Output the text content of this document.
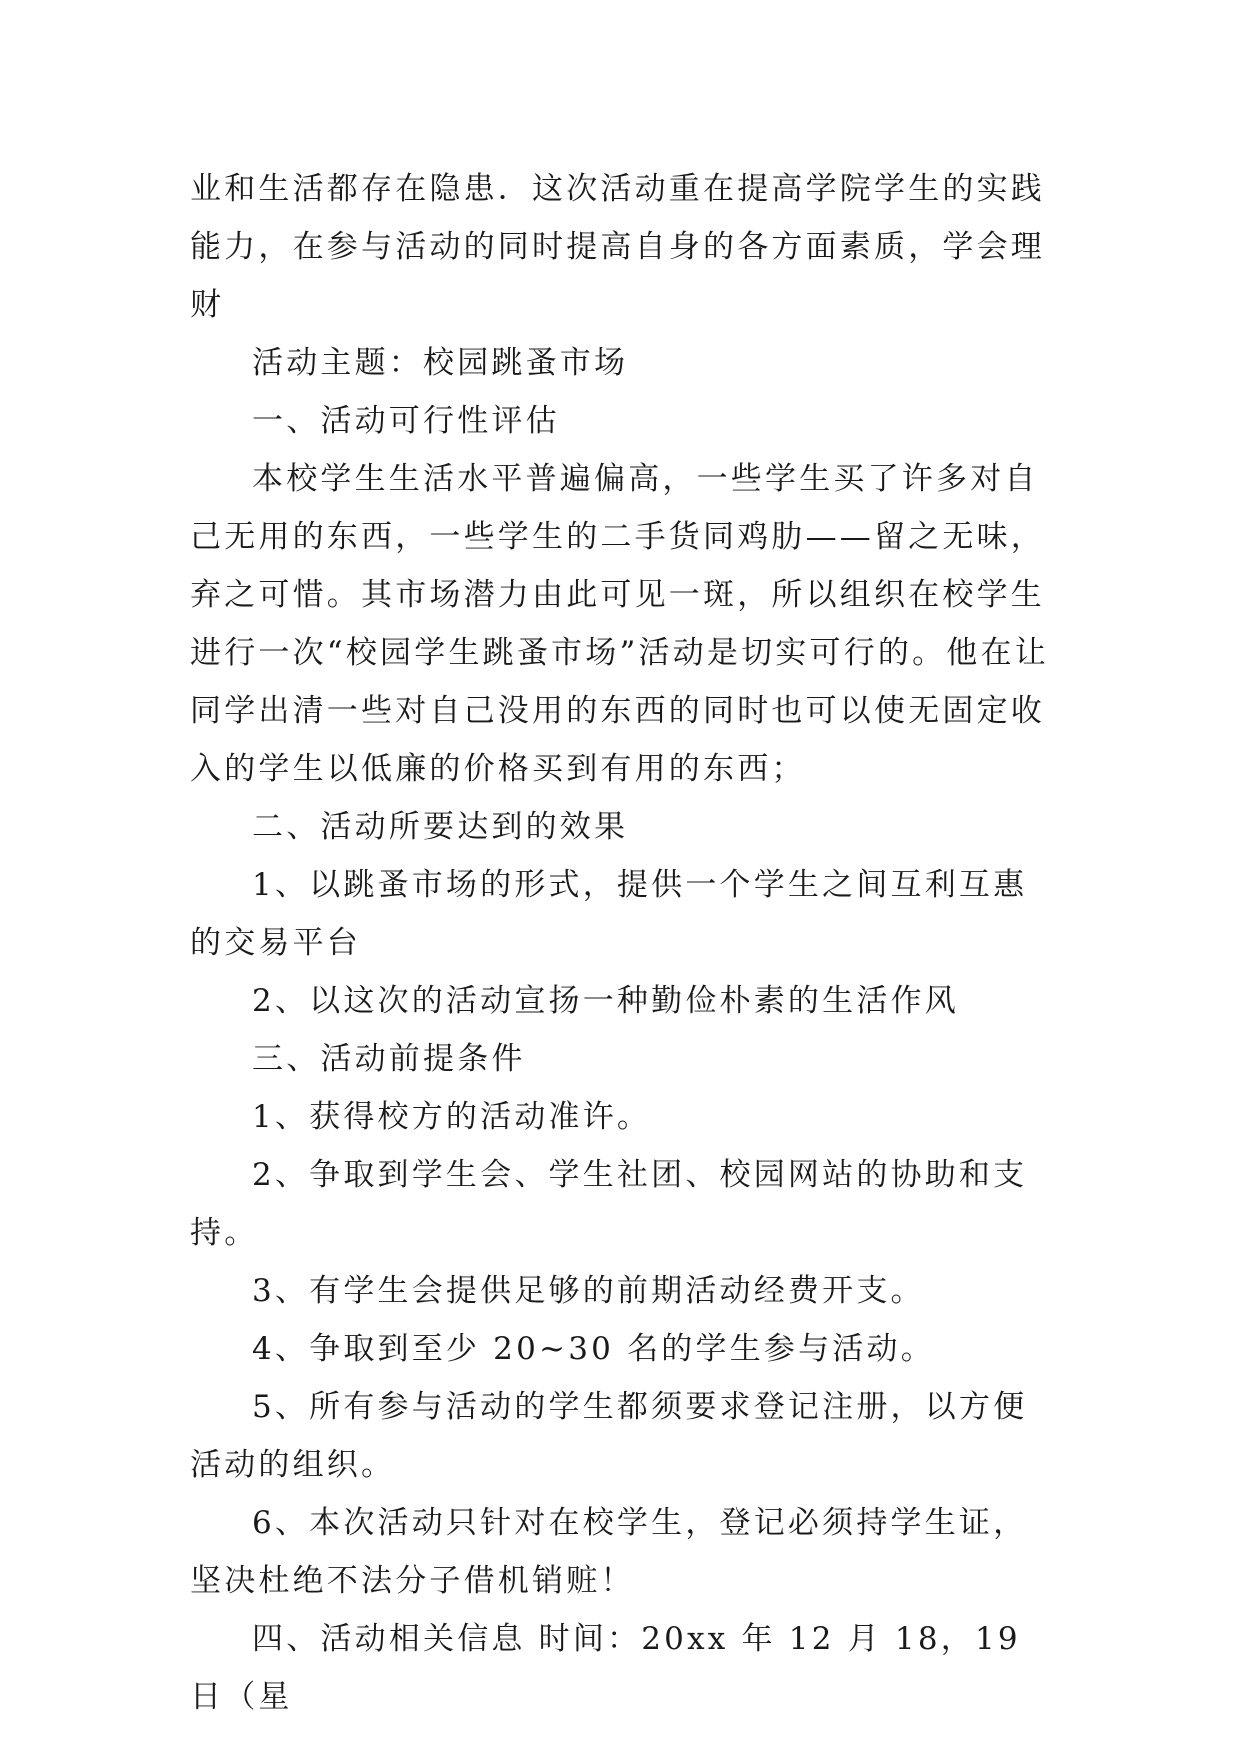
业和生活都存在隐患．这次活动重在提高学院学生的实践能力，在参与活动的同时提高自身的各方面素质，学会理财

活动主题：校园跳蚤市场

一、活动可行性评估

本校学生生活水平普遍偏高，一些学生买了许多对自己无用的东西，一些学生的二手货同鸡肋——留之无味，弃之可惜。其市场潜力由此可见一斑，所以组织在校学生进行一次“校园学生跳蚤市场”活动是切实可行的。他在让同学出清一些对自己没用的东西的同时也可以使无固定收入的学生以低廉的价格买到有用的东西；

二、活动所要达到的效果

1、以跳蚤市场的形式，提供一个学生之间互利互惠的交易平台

2、以这次的活动宣扬一种勤俭朴素的生活作风

三、活动前提条件

1、获得校方的活动准许。

2、争取到学生会、学生社团、校园网站的协助和支持。

3、有学生会提供足够的前期活动经费开支。

4、争取到至少 20~30 名的学生参与活动。

5、所有参与活动的学生都须要求登记注册，以方便活动的组织。

6、本次活动只针对在校学生，登记必须持学生证，坚决杜绝不法分子借机销赃！

四、活动相关信息 时间：20xx 年 12 月 18，19 日（星
